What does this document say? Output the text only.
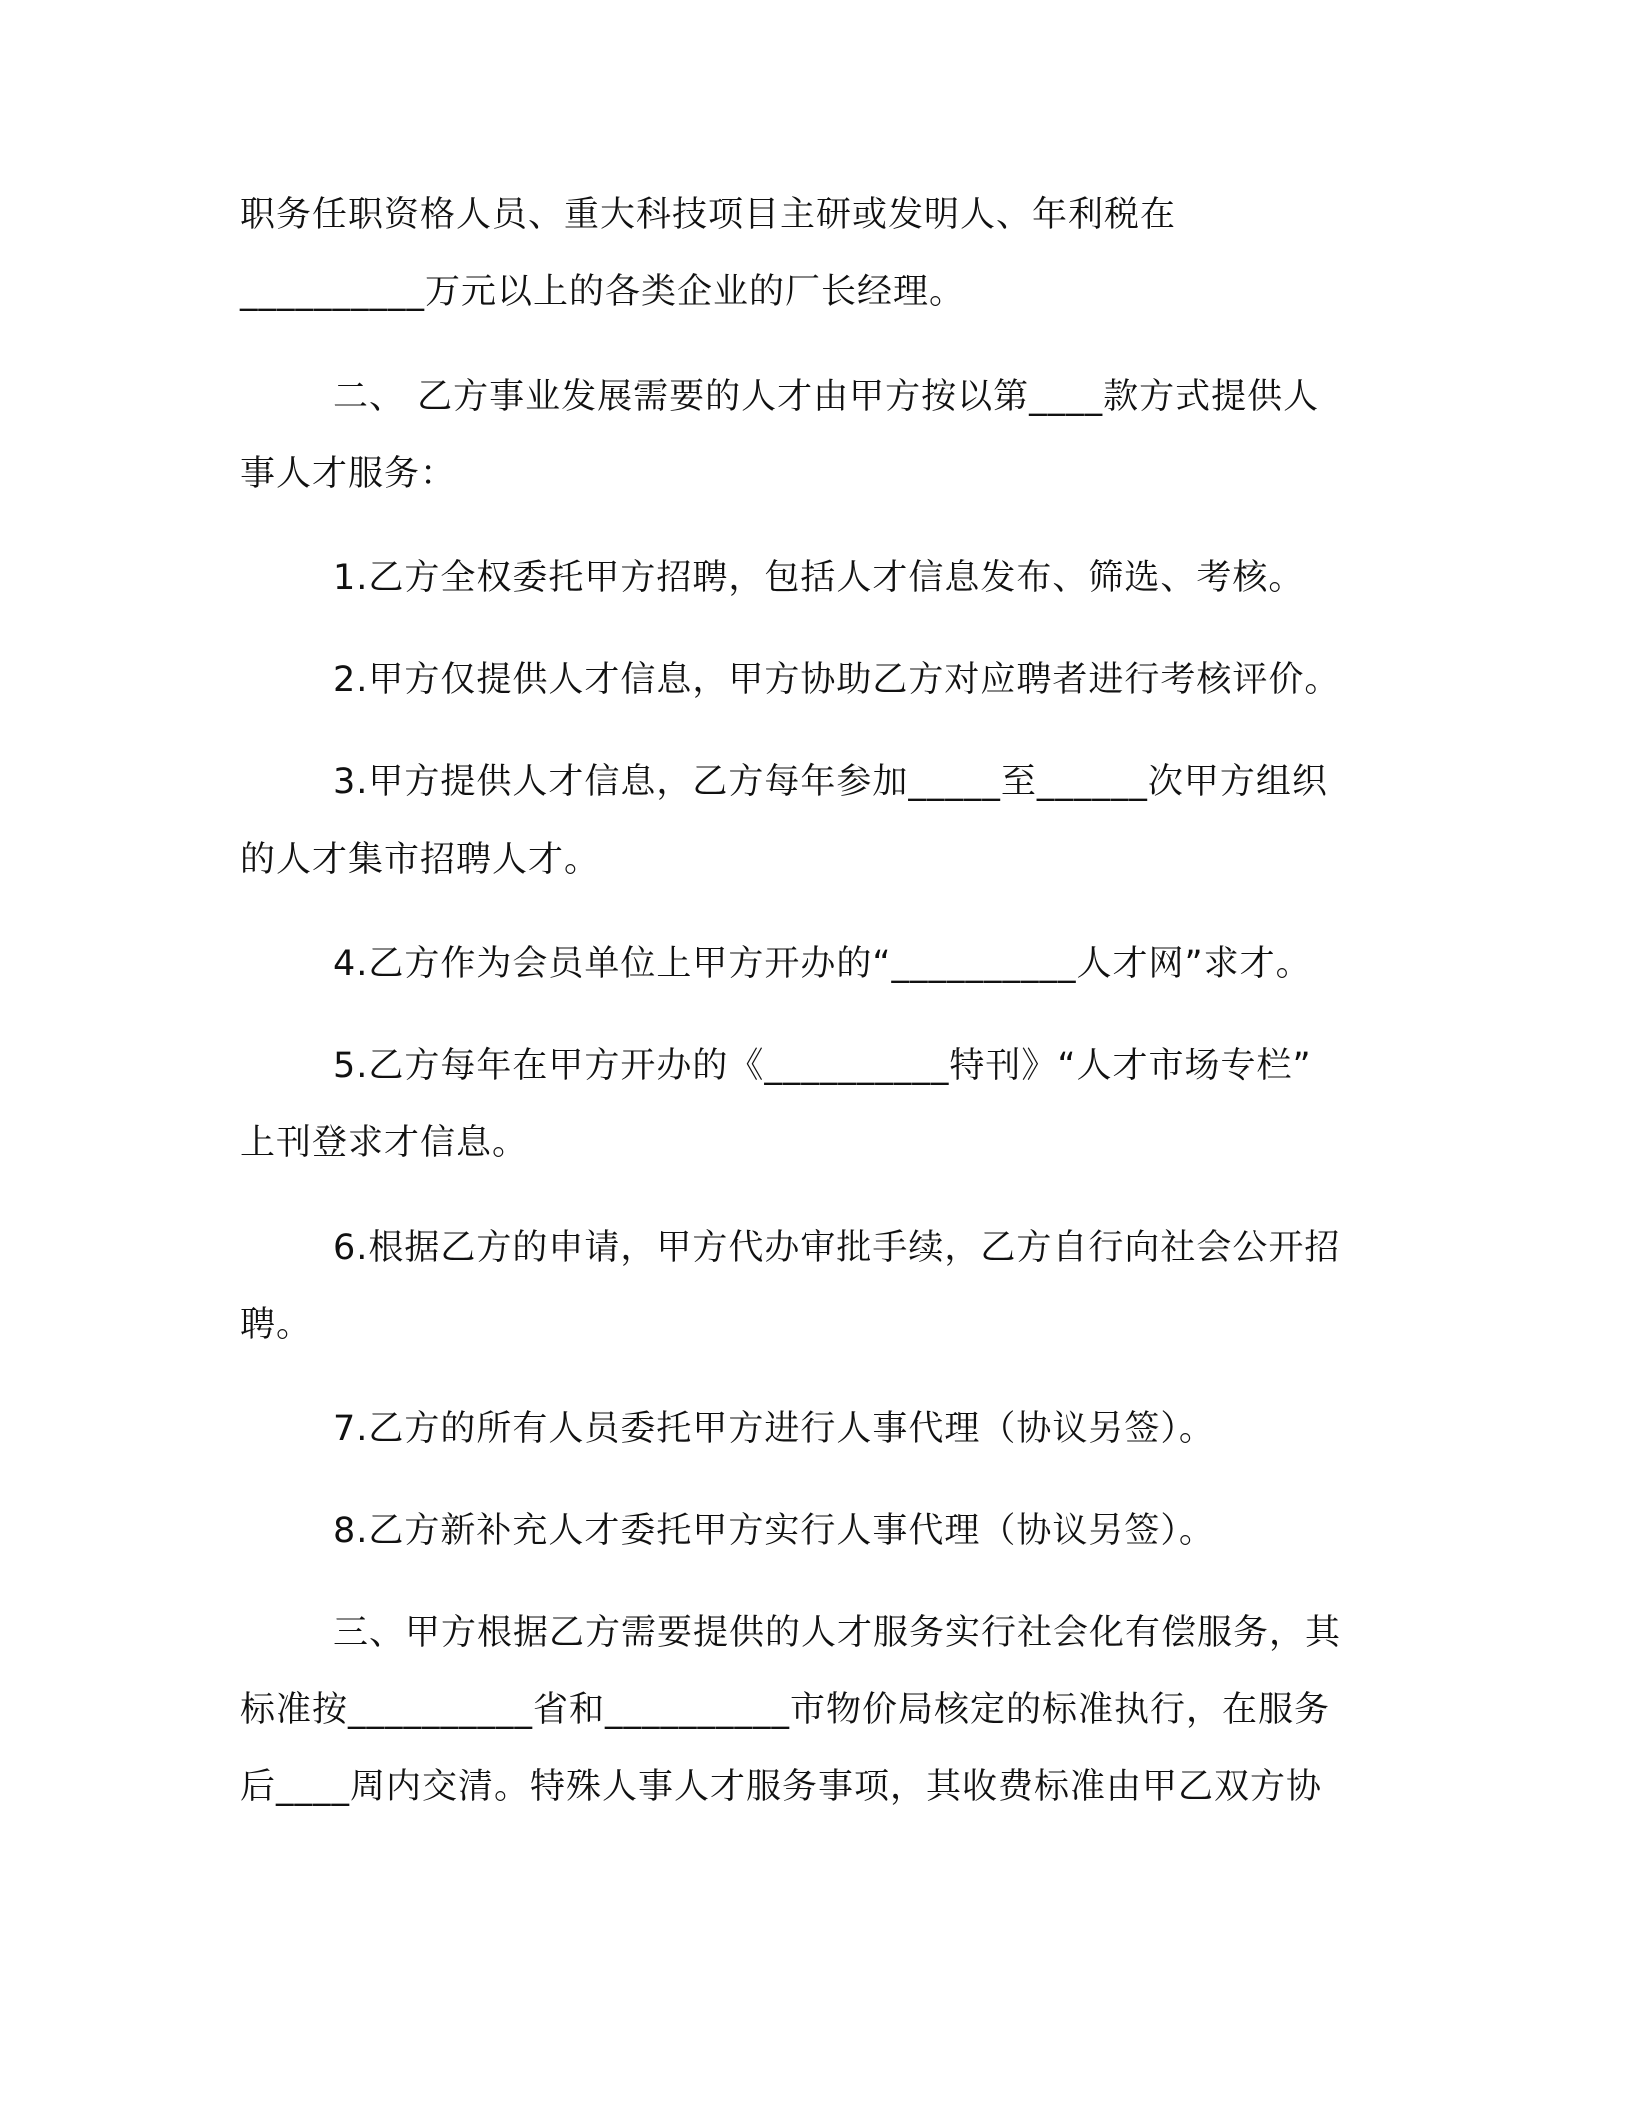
职务任职资格人员、重大科技项目主研或发明人、年利税在
__________万元以上的各类企业的厂长经理。
二、 乙方事业发展需要的人才由甲方按以第____款方式提供人
事人才服务：
1.乙方全权委托甲方招聘，包括人才信息发布、筛选、考核。
2.甲方仅提供人才信息，甲方协助乙方对应聘者进行考核评价。
3.甲方提供人才信息，乙方每年参加_____至______次甲方组织
的人才集市招聘人才。
4.乙方作为会员单位上甲方开办的“__________人才网”求才。
5.乙方每年在甲方开办的《__________特刊》“人才市场专栏”
上刊登求才信息。
6.根据乙方的申请，甲方代办审批手续，乙方自行向社会公开招
聘。
7.乙方的所有人员委托甲方进行人事代理（协议另签）。
8.乙方新补充人才委托甲方实行人事代理（协议另签）。
三、甲方根据乙方需要提供的人才服务实行社会化有偿服务，其
标准按__________省和__________市物价局核定的标准执行，在服务
后____周内交清。特殊人事人才服务事项，其收费标准由甲乙双方协
